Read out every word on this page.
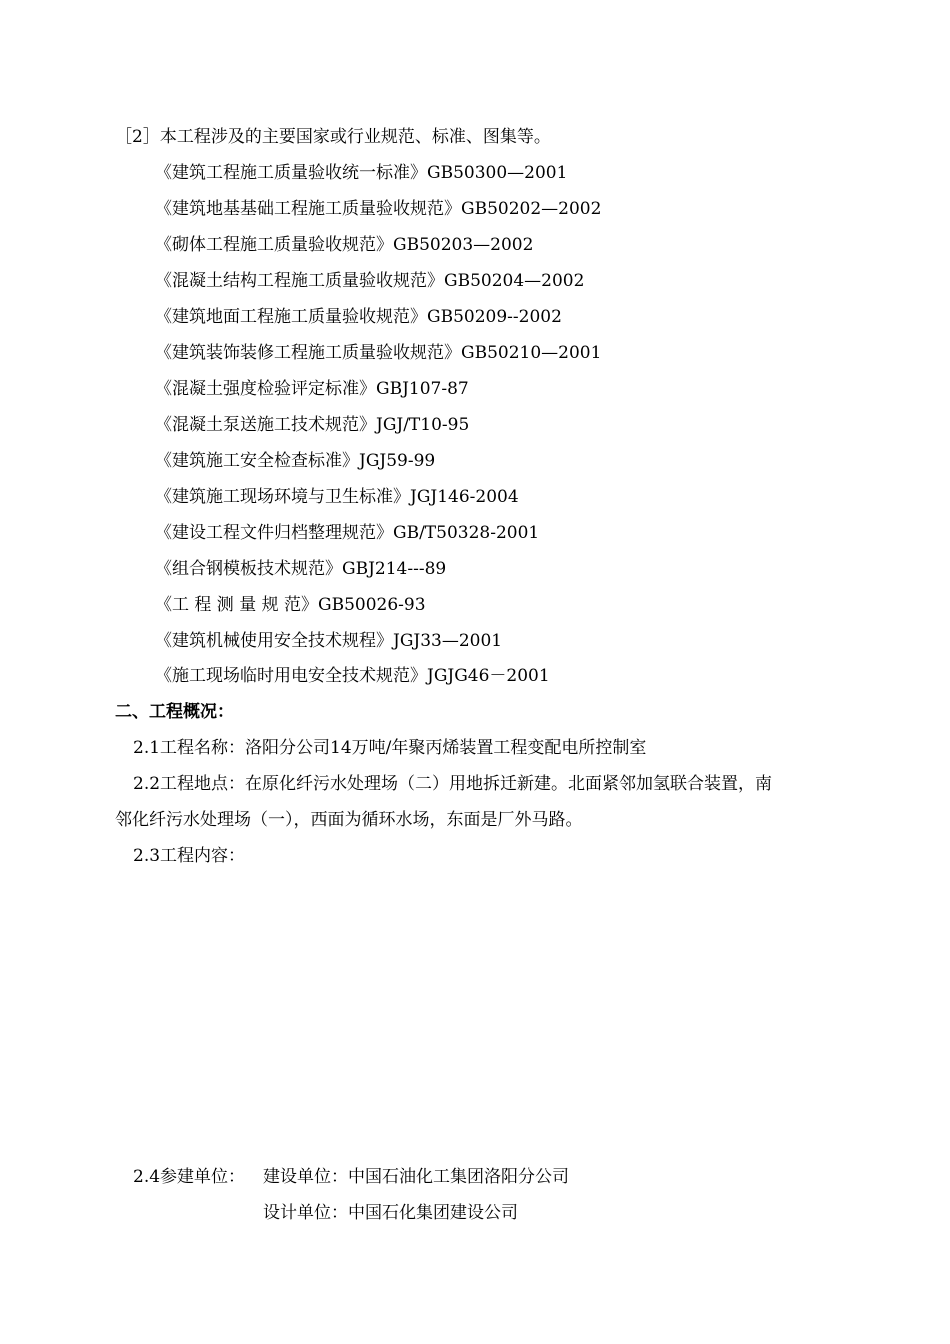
［2］本工程涉及的主要国家或行业规范、标准、图集等。
《建筑工程施工质量验收统一标准》GB50300—2001
《建筑地基基础工程施工质量验收规范》GB50202—2002
《砌体工程施工质量验收规范》GB50203—2002
《混凝土结构工程施工质量验收规范》GB50204—2002
《建筑地面工程施工质量验收规范》GB50209--2002
《建筑装饰装修工程施工质量验收规范》GB50210—2001
《混凝土强度检验评定标准》GBJ107-87
《混凝土泵送施工技术规范》JGJ/T10-95
《建筑施工安全检查标准》JGJ59-99
《建筑施工现场环境与卫生标准》JGJ146-2004
《建设工程文件归档整理规范》GB/T50328-2001
《组合钢模板技术规范》GBJ214---89
《工 程 测 量 规 范》GB50026-93
《建筑机械使用安全技术规程》JGJ33—2001
《施工现场临时用电安全技术规范》JGJG46－2001
二、工程概况：
2.1工程名称：洛阳分公司14万吨/年聚丙烯装置工程变配电所控制室
2.2工程地点：在原化纤污水处理场（二）用地拆迁新建。北面紧邻加氢联合装置，南
邻化纤污水处理场（一），西面为循环水场，东面是厂外马路。
2.3工程内容：
2.4参建单位： 建设单位：中国石油化工集团洛阳分公司
设计单位：中国石化集团建设公司
